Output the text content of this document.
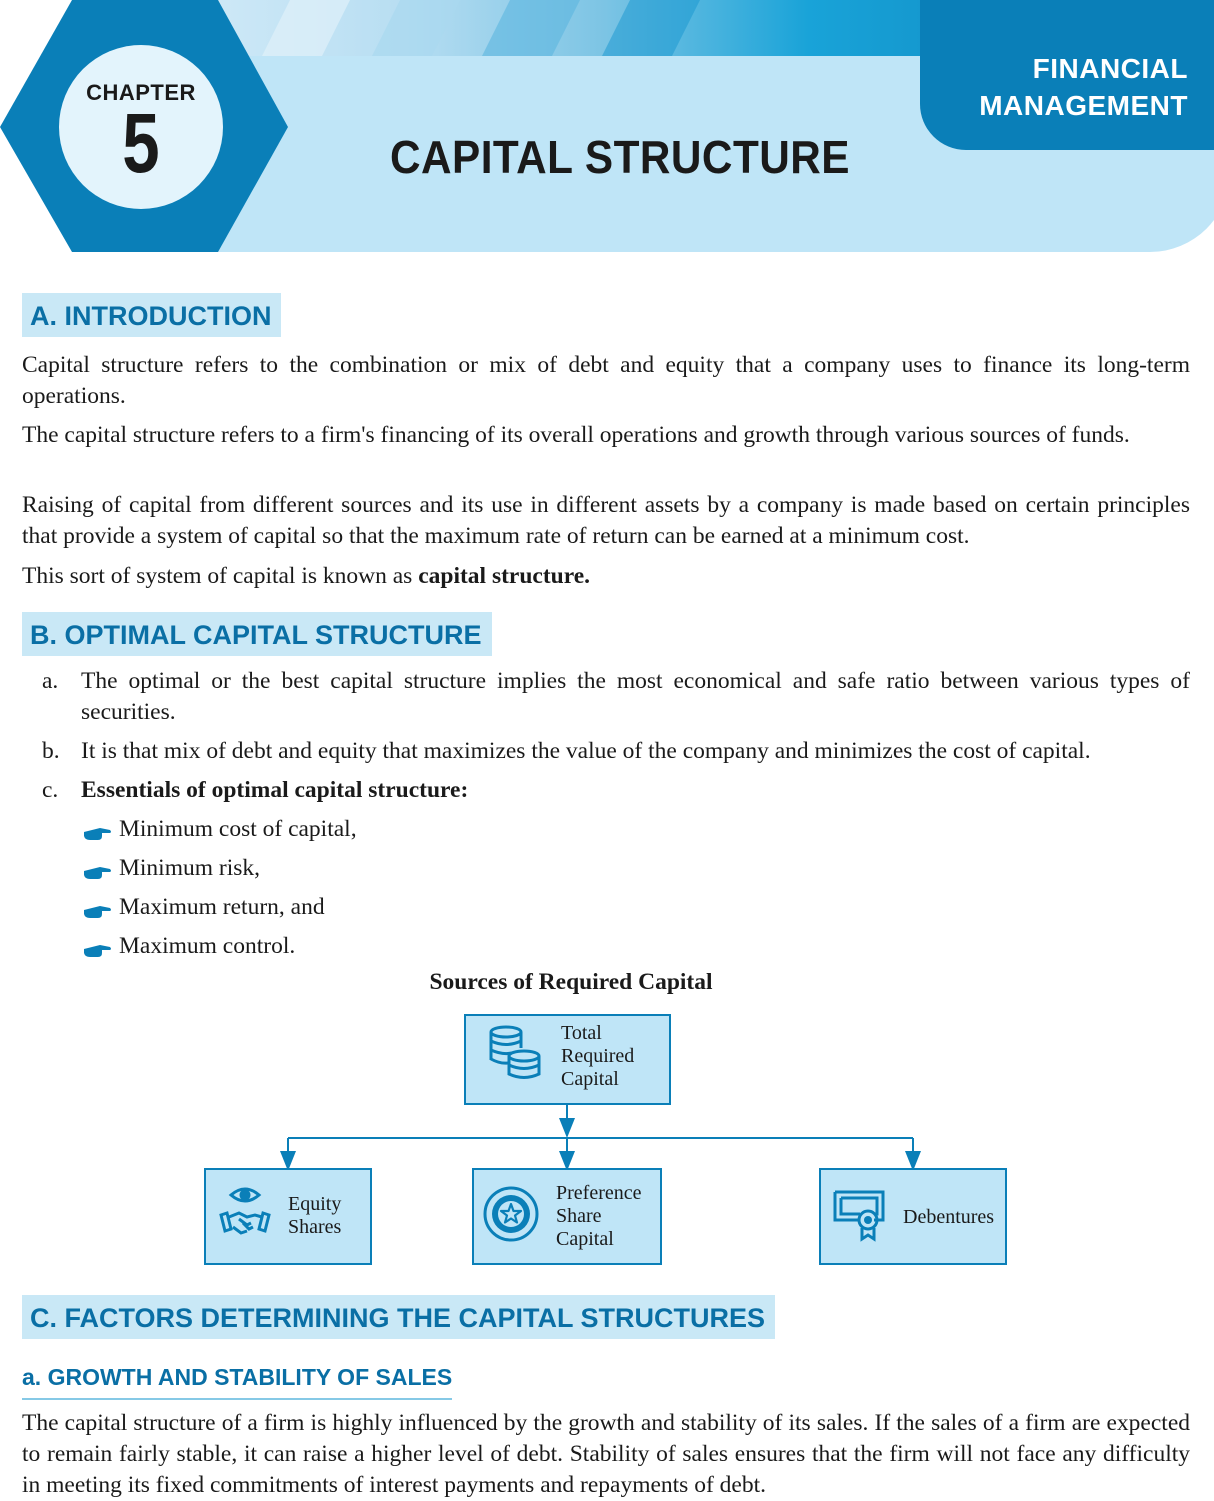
CHAPTER
5	CAPITAL STRUCTURE
FINANCIAL
MANAGEMENT
A. INTRODUCTION

Capital structure refers to the combination or mix of debt and equity that a company uses to finance its long-term operations.

The capital structure refers to a firm's financing of its overall operations and growth through various sources of funds.

Raising of capital from different sources and its use in different assets by a company is made based on certain principles that provide a system of capital so that the maximum rate of return can be earned at a minimum cost.

This sort of system of capital is known as capital structure.

B. OPTIMAL CAPITAL STRUCTURE
a. The optimal or the best capital structure implies the most economical and safe ratio between various types of securities.

b. It is that mix of debt and equity that maximizes the value of the company and minimizes the cost of capital.

c. Essentials of optimal capital structure:

Minimum cost of capital,
Minimum risk,
Maximum return, and
Maximum control.
Sources of Required Capital
Total
Required
Capital
Equity
Shares
Preference
Share
Capital
Debentures
C. FACTORS DETERMINING THE CAPITAL STRUCTURES
a. GROWTH AND STABILITY OF SALES

The capital structure of a firm is highly influenced by the growth and stability of its sales. If the sales of a firm are expected to remain fairly stable, it can raise a higher level of debt. Stability of sales ensures that the firm will not face any difficulty in meeting its fixed commitments of interest payments and repayments of debt.
